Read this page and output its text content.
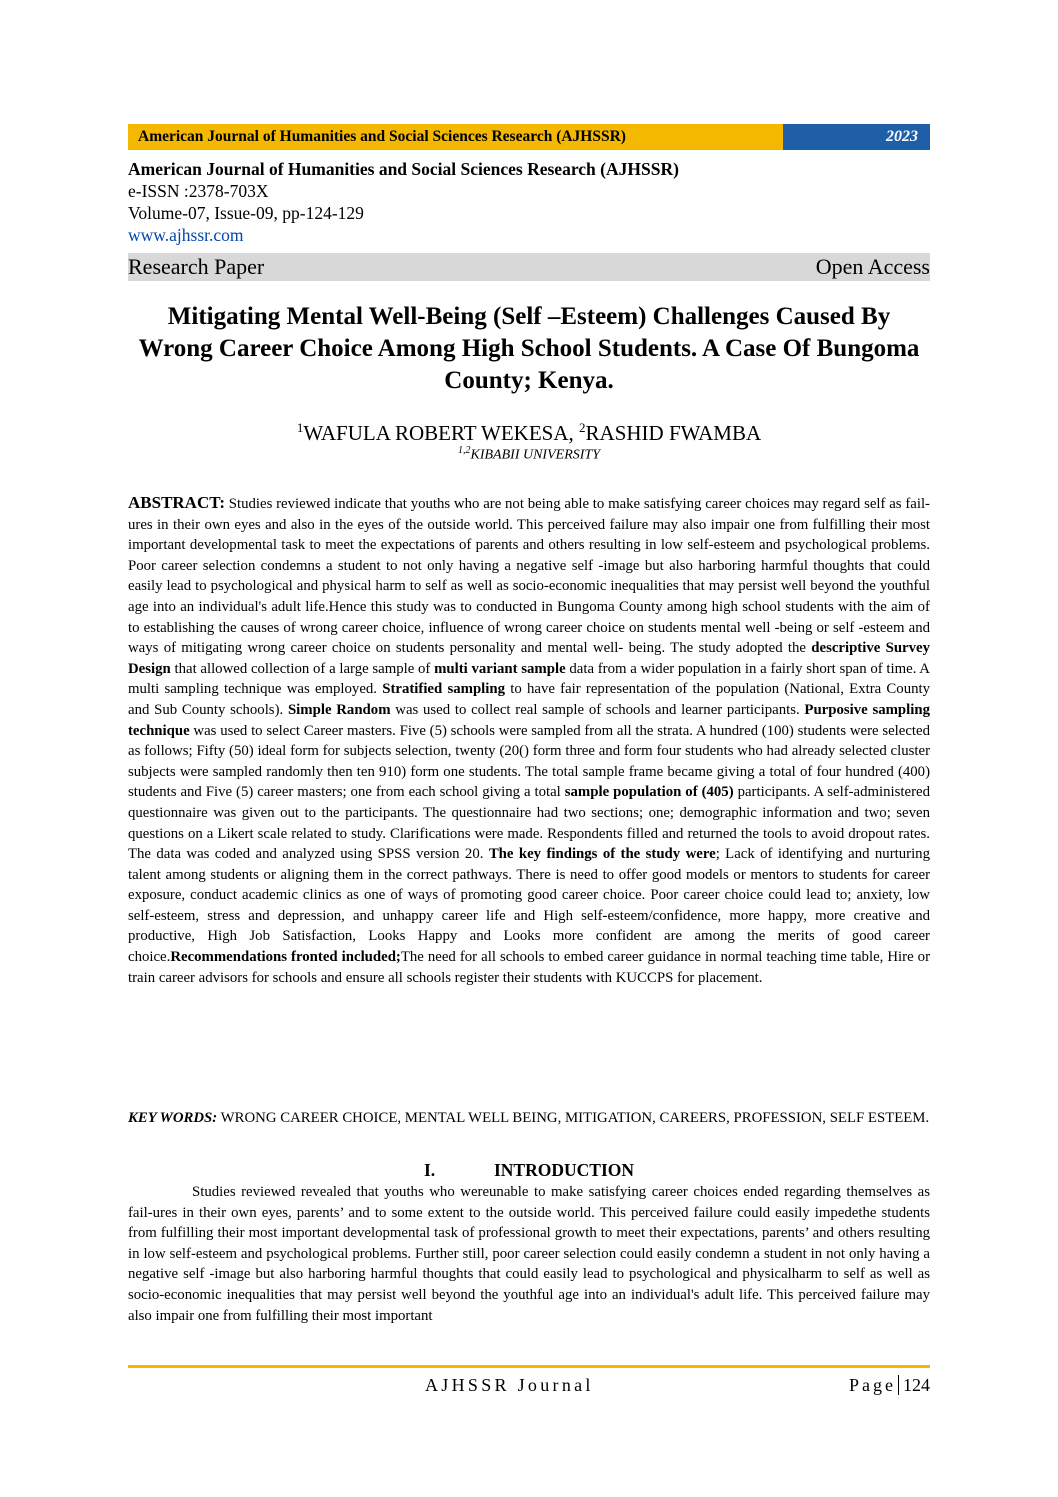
American Journal of Humanities and Social Sciences Research (AJHSSR)	2023
American Journal of Humanities and Social Sciences Research (AJHSSR)
e-ISSN :2378-703X
Volume-07, Issue-09, pp-124-129
www.ajhssr.com
Research Paper	Open Access
Mitigating Mental Well-Being (Self –Esteem) Challenges Caused By Wrong Career Choice Among High School Students. A Case Of Bungoma County; Kenya.
$^1$WAFULA ROBERT WEKESA, $^2$RASHID FWAMBA
$^{1,2}$KIBABII UNIVERSITY
ABSTRACT: Studies reviewed indicate that youths who are not being able to make satisfying career choices may regard self as fail-ures in their own eyes and also in the eyes of the outside world. This perceived failure may also impair one from fulfilling their most important developmental task to meet the expectations of parents and others resulting in low self-esteem and psychological problems. Poor career selection condemns a student to not only having a negative self -image but also harboring harmful thoughts that could easily lead to psychological and physical harm to self as well as socio-economic inequalities that may persist well beyond the youthful age into an individual's adult life.Hence this study was to conducted in Bungoma County among high school students with the aim of to establishing the causes of wrong career choice, influence of wrong career choice on students mental well -being or self -esteem and ways of mitigating wrong career choice on students personality and mental well- being. The study adopted the descriptive Survey Design that allowed collection of a large sample of multi variant sample data from a wider population in a fairly short span of time. A multi sampling technique was employed. Stratified sampling to have fair representation of the population (National, Extra County and Sub County schools). Simple Random was used to collect real sample of schools and learner participants. Purposive sampling technique was used to select Career masters. Five (5) schools were sampled from all the strata. A hundred (100) students were selected as follows; Fifty (50) ideal form for subjects selection, twenty (20() form three and form four students who had already selected cluster subjects were sampled randomly then ten 910) form one students. The total sample frame became giving a total of four hundred (400) students and Five (5) career masters; one from each school giving a total sample population of (405) participants. A self-administered questionnaire was given out to the participants. The questionnaire had two sections; one; demographic information and two; seven questions on a Likert scale related to study. Clarifications were made. Respondents filled and returned the tools to avoid dropout rates. The data was coded and analyzed using SPSS version 20. The key findings of the study were; Lack of identifying and nurturing talent among students or aligning them in the correct pathways. There is need to offer good models or mentors to students for career exposure, conduct academic clinics as one of ways of promoting good career choice. Poor career choice could lead to; anxiety, low self-esteem, stress and depression, and unhappy career life and High self-esteem/confidence, more happy, more creative and productive, High Job Satisfaction, Looks Happy and Looks more confident are among the merits of good career choice.Recommendations fronted included;The need for all schools to embed career guidance in normal teaching time table, Hire or train career advisors for schools and ensure all schools register their students with KUCCPS for placement.
KEY WORDS: WRONG CAREER CHOICE, MENTAL WELL BEING, MITIGATION, CAREERS, PROFESSION, SELF ESTEEM.
I.	INTRODUCTION
Studies reviewed revealed that youths who wereunable to make satisfying career choices ended regarding themselves as fail-ures in their own eyes, parents’ and to some extent to the outside world. This perceived failure could easily impedethe students from fulfilling their most important developmental task of professional growth to meet their expectations, parents’ and others resulting in low self-esteem and psychological problems. Further still, poor career selection could easily condemn a student in not only having a negative self -image but also harboring harmful thoughts that could easily lead to psychological and physicalharm to self as well as socio-economic inequalities that may persist well beyond the youthful age into an individual's adult life. This perceived failure may also impair one from fulfilling their most important
AJHSSR Journal	Page 124
